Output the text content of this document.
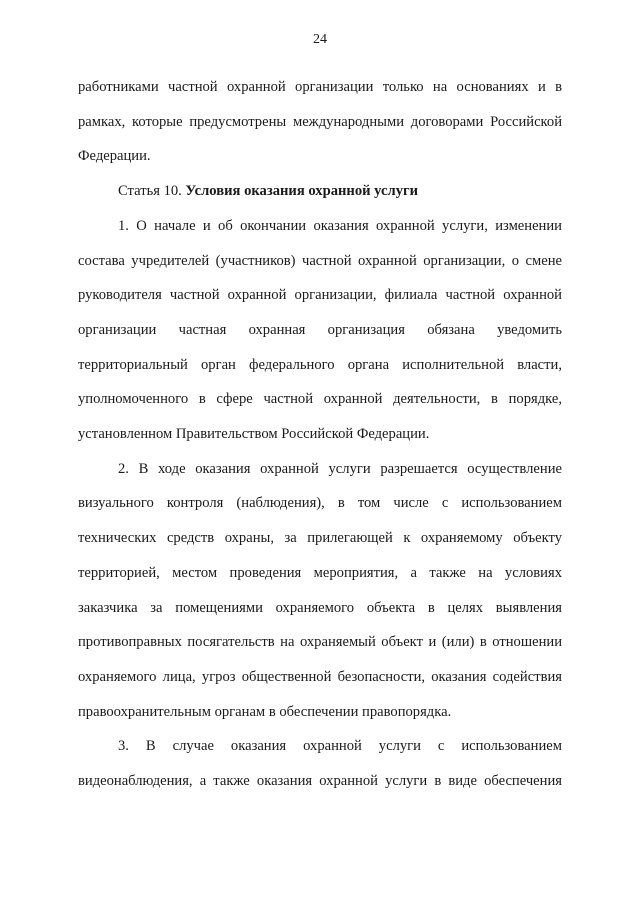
24

работниками частной охранной организации только на основаниях и в рамках, которые предусмотрены международными договорами Российской Федерации.

Статья 10. Условия оказания охранной услуги

1. О начале и об окончании оказания охранной услуги, изменении состава учредителей (участников) частной охранной организации, о смене руководителя частной охранной организации, филиала частной охранной организации частная охранная организация обязана уведомить территориальный орган федерального органа исполнительной власти, уполномоченного в сфере частной охранной деятельности, в порядке, установленном Правительством Российской Федерации.

2. В ходе оказания охранной услуги разрешается осуществление визуального контроля (наблюдения), в том числе с использованием технических средств охраны, за прилегающей к охраняемому объекту территорией, местом проведения мероприятия, а также на условиях заказчика за помещениями охраняемого объекта в целях выявления противоправных посягательств на охраняемый объект и (или) в отношении охраняемого лица, угроз общественной безопасности, оказания содействия правоохранительным органам в обеспечении правопорядка.

3. В случае оказания охранной услуги с использованием видеонаблюдения, а также оказания охранной услуги в виде обеспечения
